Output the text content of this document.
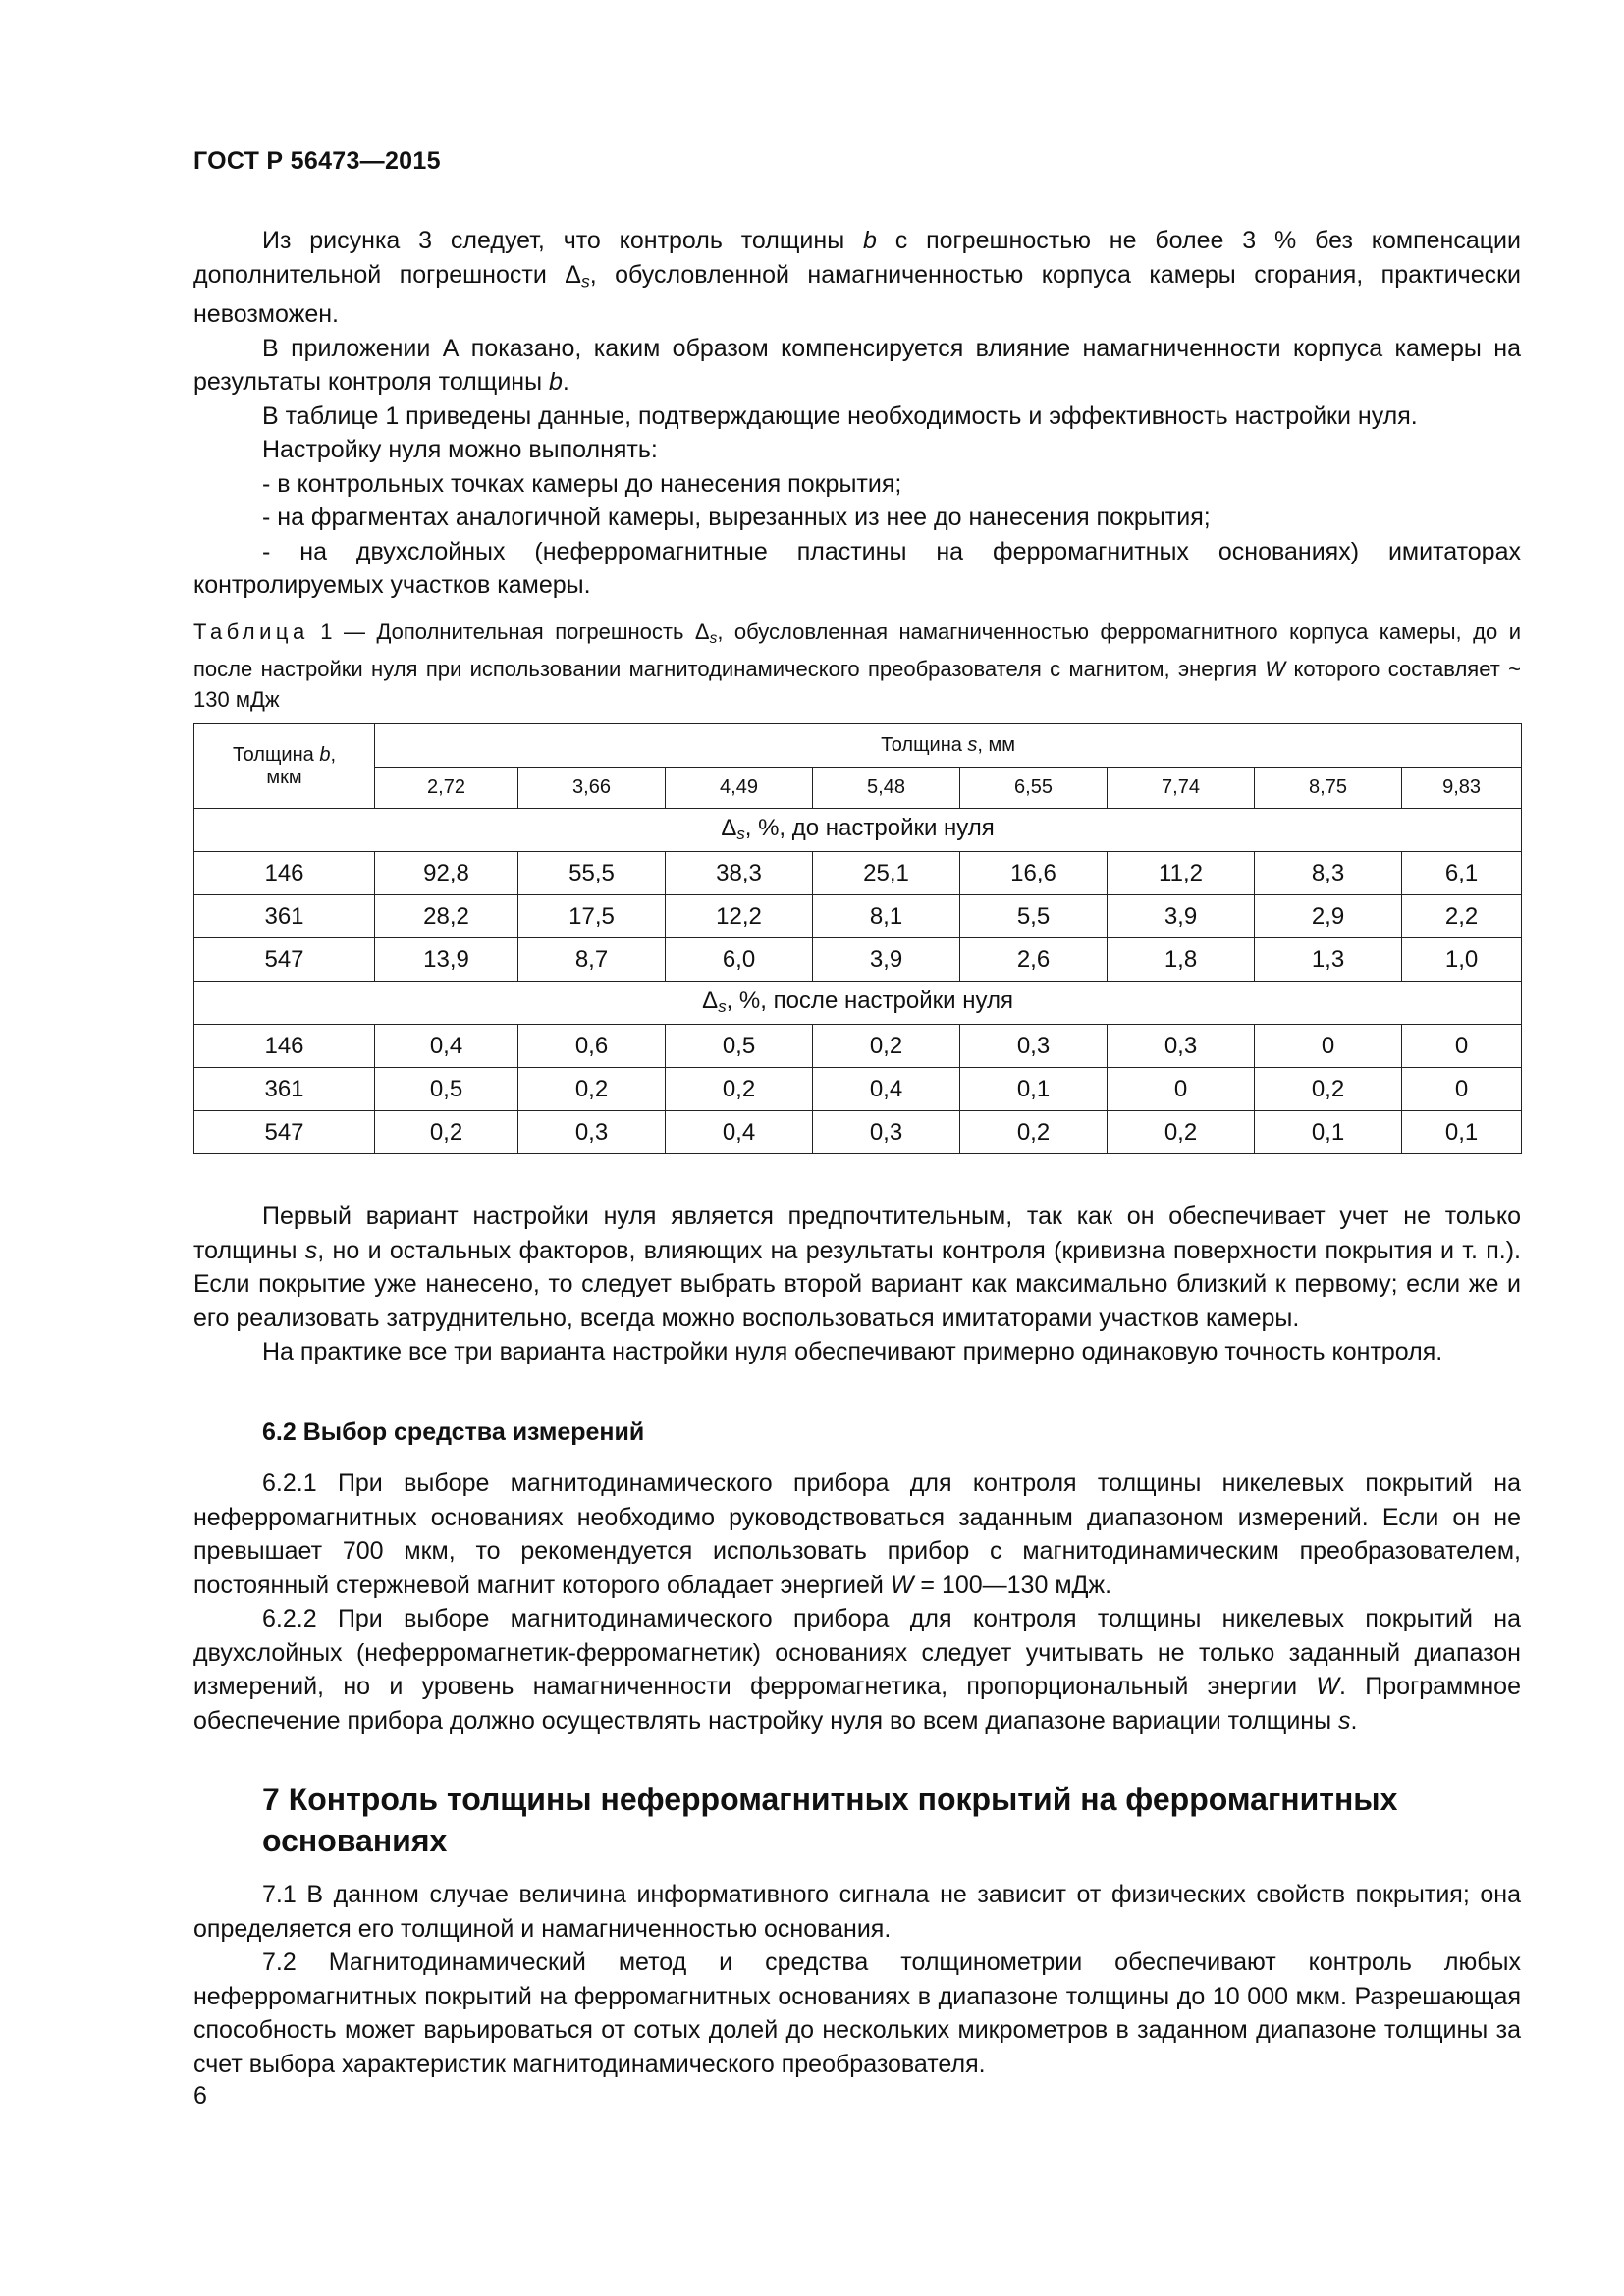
ГОСТ Р 56473—2015

Из рисунка 3 следует, что контроль толщины b с погрешностью не более 3 % без компенсации дополнительной погрешности $\Delta_s$, обусловленной намагниченностью корпуса камеры сгорания, практически невозможен.

В приложении А показано, каким образом компенсируется влияние намагниченности корпуса камеры на результаты контроля толщины b.

В таблице 1 приведены данные, подтверждающие необходимость и эффективность настройки нуля.

Настройку нуля можно выполнять:

- в контрольных точках камеры до нанесения покрытия;

- на фрагментах аналогичной камеры, вырезанных из нее до нанесения покрытия;

- на двухслойных (неферромагнитные пластины на ферромагнитных основаниях) имитаторах контролируемых участков камеры.

Таблица 1 — Дополнительная погрешность $\Delta_s$, обусловленная намагниченностью ферромагнитного корпуса камеры, до и после настройки нуля при использовании магнитодинамического преобразователя с магнитом, энергия W которого составляет ~ 130 мДж
Толщина b,
мкм	Толщина s, мм							
	2,72	3,66	4,49	5,48	6,55	7,74	8,75	9,83
$\Delta_s$, %, до настройки нуля								
146	92,8	55,5	38,3	25,1	16,6	11,2	8,3	6,1
361	28,2	17,5	12,2	8,1	5,5	3,9	2,9	2,2
547	13,9	8,7	6,0	3,9	2,6	1,8	1,3	1,0
$\Delta_s$, %, после настройки нуля								
146	0,4	0,6	0,5	0,2	0,3	0,3	0	0
361	0,5	0,2	0,2	0,4	0,1	0	0,2	0
547	0,2	0,3	0,4	0,3	0,2	0,2	0,1	0,1

Первый вариант настройки нуля является предпочтительным, так как он обеспечивает учет не только толщины s, но и остальных факторов, влияющих на результаты контроля (кривизна поверхности покрытия и т. п.). Если покрытие уже нанесено, то следует выбрать второй вариант как максимально близкий к первому; если же и его реализовать затруднительно, всегда можно воспользоваться имитаторами участков камеры.

На практике все три варианта настройки нуля обеспечивают примерно одинаковую точность контроля.

6.2 Выбор средства измерений

6.2.1 При выборе магнитодинамического прибора для контроля толщины никелевых покрытий на неферромагнитных основаниях необходимо руководствоваться заданным диапазоном измерений. Если он не превышает 700 мкм, то рекомендуется использовать прибор с магнитодинамическим преобразователем, постоянный стержневой магнит которого обладает энергией W = 100—130 мДж.

6.2.2 При выборе магнитодинамического прибора для контроля толщины никелевых покрытий на двухслойных (неферромагнетик-ферромагнетик) основаниях следует учитывать не только заданный диапазон измерений, но и уровень намагниченности ферромагнетика, пропорциональный энергии W. Программное обеспечение прибора должно осуществлять настройку нуля во всем диапазоне вариации толщины s.

7 Контроль толщины неферромагнитных покрытий на ферромагнитных основаниях

7.1 В данном случае величина информативного сигнала не зависит от физических свойств покрытия; она определяется его толщиной и намагниченностью основания.

7.2 Магнитодинамический метод и средства толщинометрии обеспечивают контроль любых неферромагнитных покрытий на ферромагнитных основаниях в диапазоне толщины до 10 000 мкм. Разрешающая способность может варьироваться от сотых долей до нескольких микрометров в заданном диапазоне толщины за счет выбора характеристик магнитодинамического преобразователя.

6
